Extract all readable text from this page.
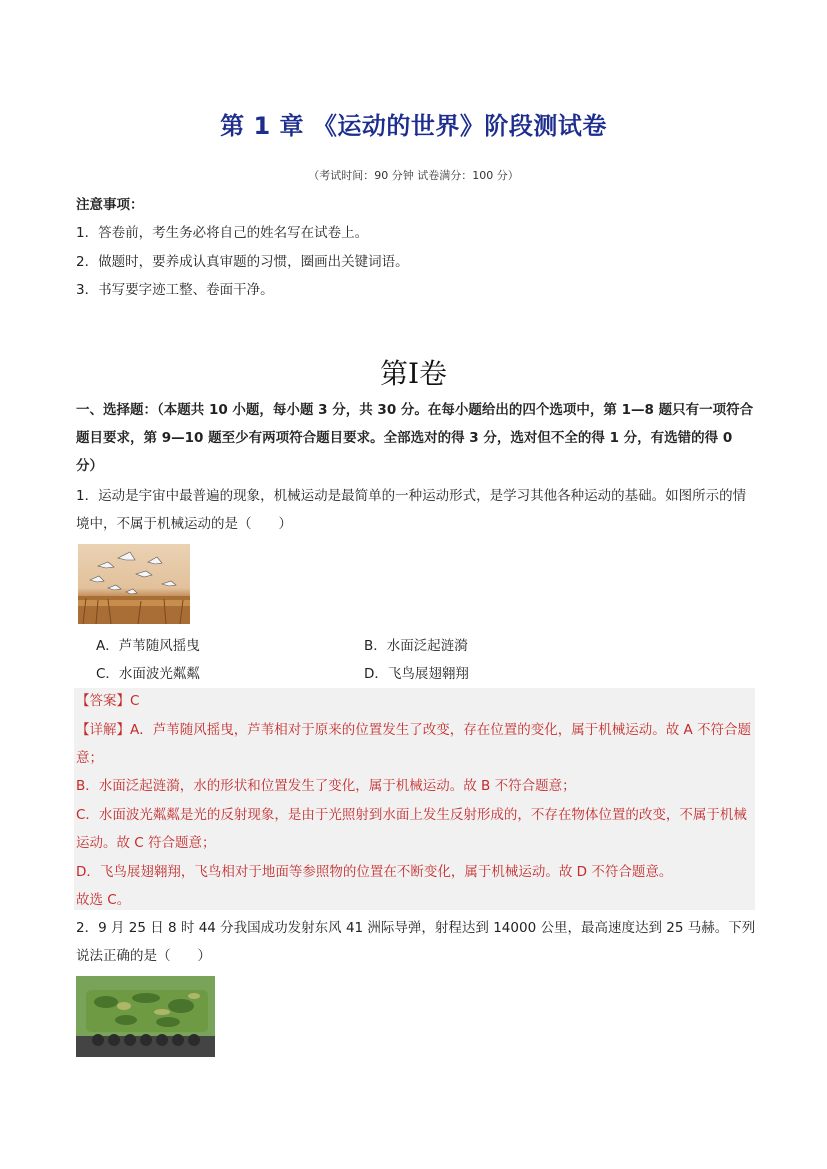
第 1 章 《运动的世界》阶段测试卷
（考试时间：90 分钟 试卷满分：100 分）
注意事项：
1．答卷前，考生务必将自己的姓名写在试卷上。
2．做题时，要养成认真审题的习惯，圈画出关键词语。
3．书写要字迹工整、卷面干净。
第Ⅰ卷
一、选择题：（本题共 10 小题，每小题 3 分，共 30 分。在每小题给出的四个选项中，第 1—8 题只有一项符合题目要求，第 9—10 题至少有两项符合题目要求。全部选对的得 3 分，选对但不全的得 1 分，有选错的得 0 分）
1．运动是宇宙中最普遍的现象，机械运动是最简单的一种运动形式，是学习其他各种运动的基础。如图所示的情境中，不属于机械运动的是（　　）
A．芦苇随风摇曳	B．水面泛起涟漪
C．水面波光粼粼	D．飞鸟展翅翱翔
【答案】C
【详解】A．芦苇随风摇曳，芦苇相对于原来的位置发生了改变，存在位置的变化，属于机械运动。故 A 不符合题意；
B．水面泛起涟漪，水的形状和位置发生了变化，属于机械运动。故 B 不符合题意；
C．水面波光粼粼是光的反射现象，是由于光照射到水面上发生反射形成的，不存在物体位置的改变，不属于机械运动。故 C 符合题意；
D．飞鸟展翅翱翔，飞鸟相对于地面等参照物的位置在不断变化，属于机械运动。故 D 不符合题意。
故选 C。
2．9 月 25 日 8 时 44 分我国成功发射东风 41 洲际导弹，射程达到 14000 公里，最高速度达到 25 马赫。下列说法正确的是（　　）
